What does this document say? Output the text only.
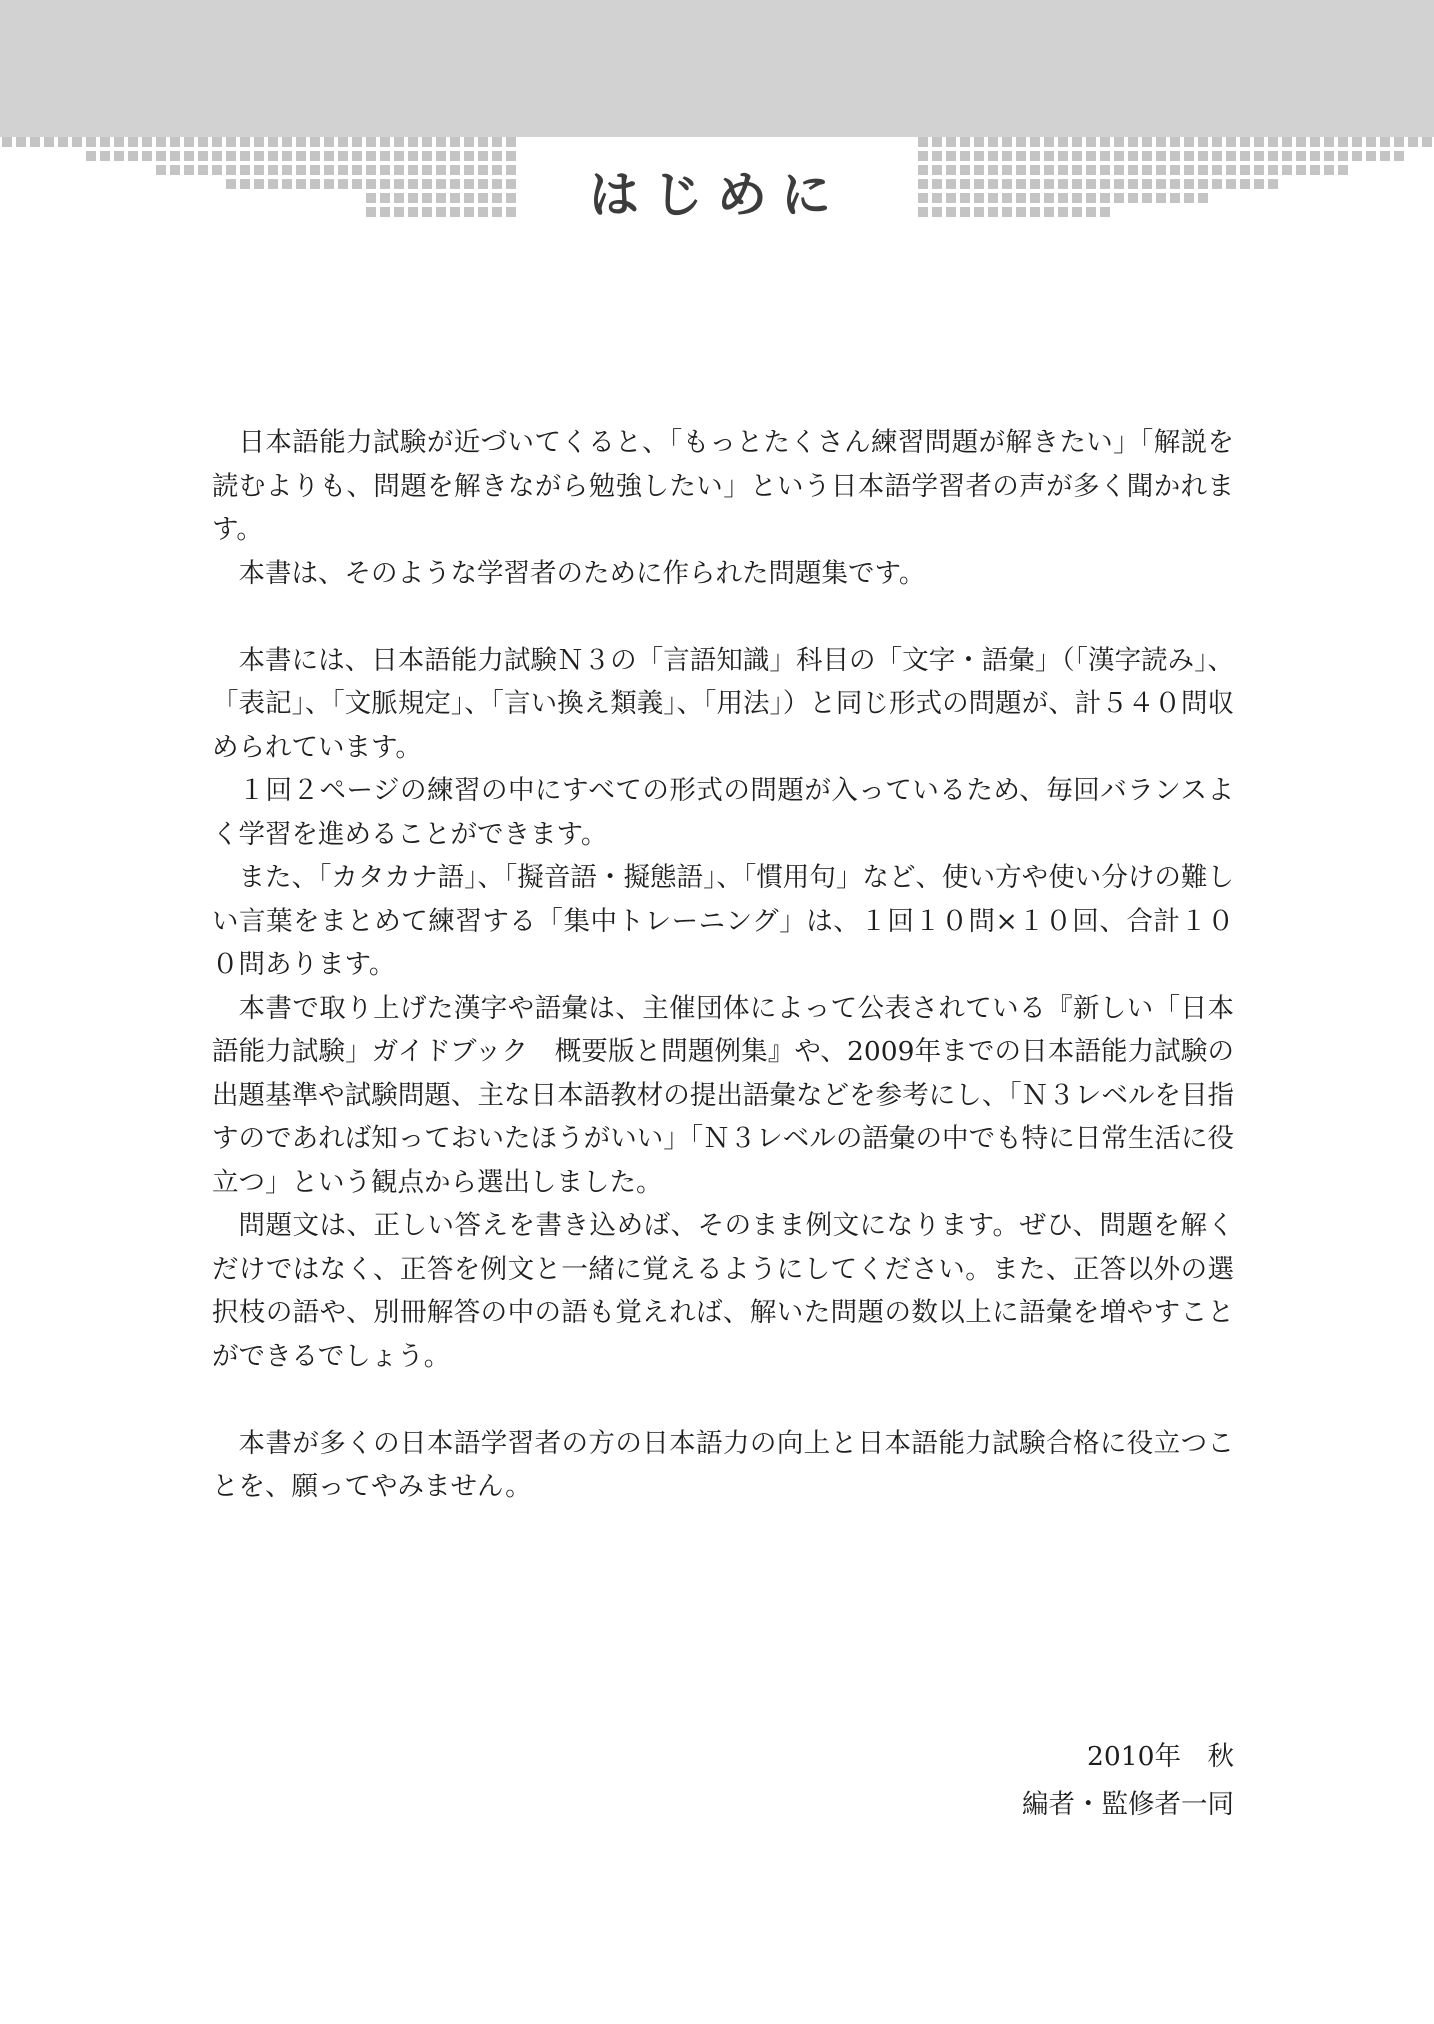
はじめに

日本語能力試験が近づいてくると、「もっとたくさん練習問題が解きたい」「解説を読むよりも、問題を解きながら勉強したい」という日本語学習者の声が多く聞かれます。

本書は、そのような学習者のために作られた問題集です。

本書には、日本語能力試験Ｎ３の「言語知識」科目の「文字・語彙」（「漢字読み」、「表記」、「文脈規定」、「言い換え類義」、「用法」）と同じ形式の問題が、計５４０問収められています。

１回２ページの練習の中にすべての形式の問題が入っているため、毎回バランスよく学習を進めることができます。

また、「カタカナ語」、「擬音語・擬態語」、「慣用句」など、使い方や使い分けの難しい言葉をまとめて練習する「集中トレーニング」は、１回１０問×１０回、合計１００問あります。

本書で取り上げた漢字や語彙は、主催団体によって公表されている『新しい「日本語能力試験」ガイドブック　概要版と問題例集』や、2009年までの日本語能力試験の出題基準や試験問題、主な日本語教材の提出語彙などを参考にし、「Ｎ３レベルを目指すのであれば知っておいたほうがいい」「Ｎ３レベルの語彙の中でも特に日常生活に役立つ」という観点から選出しました。

問題文は、正しい答えを書き込めば、そのまま例文になります。ぜひ、問題を解くだけではなく、正答を例文と一緒に覚えるようにしてください。また、正答以外の選択枝の語や、別冊解答の中の語も覚えれば、解いた問題の数以上に語彙を増やすことができるでしょう。

本書が多くの日本語学習者の方の日本語力の向上と日本語能力試験合格に役立つことを、願ってやみません。

2010年　秋
編者・監修者一同
